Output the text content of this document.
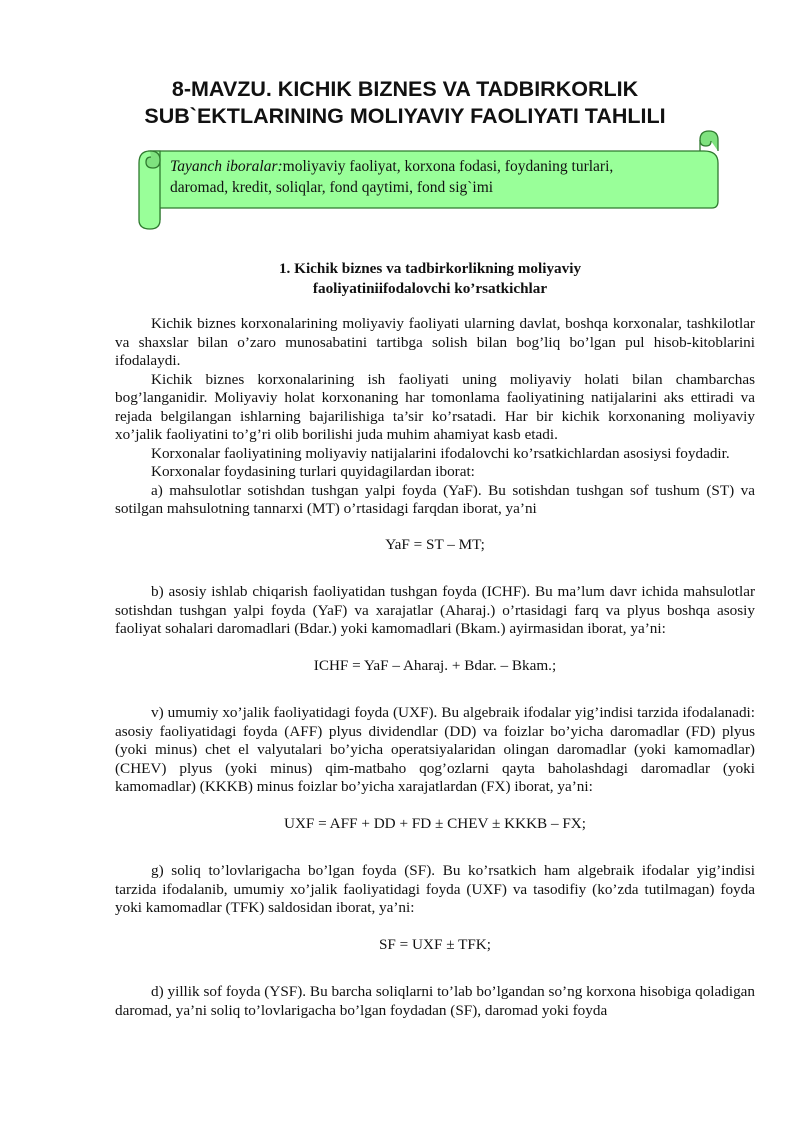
8-MAVZU. KICHIK BIZNES VA TADBIRKORLIK
SUB`EKTLARINING MOLIYAVIY FAOLIYATI TAHLILI
Tayanch iboralar:moliyaviy faoliyat, korxona fodasi, foydaning turlari,
daromad, kredit, soliqlar, fond qaytimi, fond sig`imi
1. Kichik biznes va tadbirkorlikning moliyaviy
faoliyatiniifodalovchi ko’rsatkichlar

Kichik biznes korxonalarining moliyaviy faoliyati ularning davlat, boshqa korxonalar, tashkilotlar va shaxslar bilan o’zaro munosabatini tartibga solish bilan bog’liq bo’lgan pul hisob-kitoblarini ifodalaydi.

Kichik biznes korxonalarining ish faoliyati uning moliyaviy holati bilan chambarchas bog’langanidir. Moliyaviy holat korxonaning har tomonlama faoliyatining natijalarini aks ettiradi va rejada belgilangan ishlarning bajarilishiga ta’sir ko’rsatadi. Har bir kichik korxonaning moliyaviy xo’jalik faoliyatini to’g’ri olib borilishi juda muhim ahamiyat kasb etadi.

Korxonalar faoliyatining moliyaviy natijalarini ifodalovchi ko’rsatkichlardan asosiysi foydadir.

Korxonalar foydasining turlari quyidagilardan iborat:

a) mahsulotlar sotishdan tushgan yalpi foyda (YaF). Bu sotishdan tushgan sof tushum (ST) va sotilgan mahsulotning tannarxi (MT) o’rtasidagi farqdan iborat, ya’ni

YaF = ST – MT;

b) asosiy ishlab chiqarish faoliyatidan tushgan foyda (ICHF). Bu ma’lum davr ichida mahsulotlar sotishdan tushgan yalpi foyda (YaF) va xarajatlar (Aharaj.) o’rtasidagi farq va plyus boshqa asosiy faoliyat sohalari daromadlari (Bdar.) yoki kamomadlari (Bkam.) ayirmasidan iborat, ya’ni:

ICHF = YaF – Aharaj. + Bdar. – Bkam.;

v) umumiy xo’jalik faoliyatidagi foyda (UXF). Bu algebraik ifodalar yig’indisi tarzida ifodalanadi: asosiy faoliyatidagi foyda (AFF) plyus dividendlar (DD) va foizlar bo’yicha daromadlar (FD) plyus (yoki minus) chet el valyutalari bo’yicha operatsiyalaridan olingan daromadlar (yoki kamomadlar) (CHEV) plyus (yoki minus) qim-matbaho qog’ozlarni qayta baholashdagi daromadlar (yoki kamomadlar) (KKKB) minus foizlar bo’yicha xarajatlardan (FX) iborat, ya’ni:

UXF = AFF + DD + FD ± CHEV ± KKKB – FX;

g) soliq to’lovlarigacha bo’lgan foyda (SF). Bu ko’rsatkich ham algebraik ifodalar yig’indisi tarzida ifodalanib, umumiy xo’jalik faoliyatidagi foyda (UXF) va tasodifiy (ko’zda tutilmagan) foyda yoki kamomadlar (TFK) saldosidan iborat, ya’ni:

SF = UXF ± TFK;

d) yillik sof foyda (YSF). Bu barcha soliqlarni to’lab bo’lgandan so’ng korxona hisobiga qoladigan daromad, ya’ni soliq to’lovlarigacha bo’lgan foydadan (SF), daromad yoki foyda
